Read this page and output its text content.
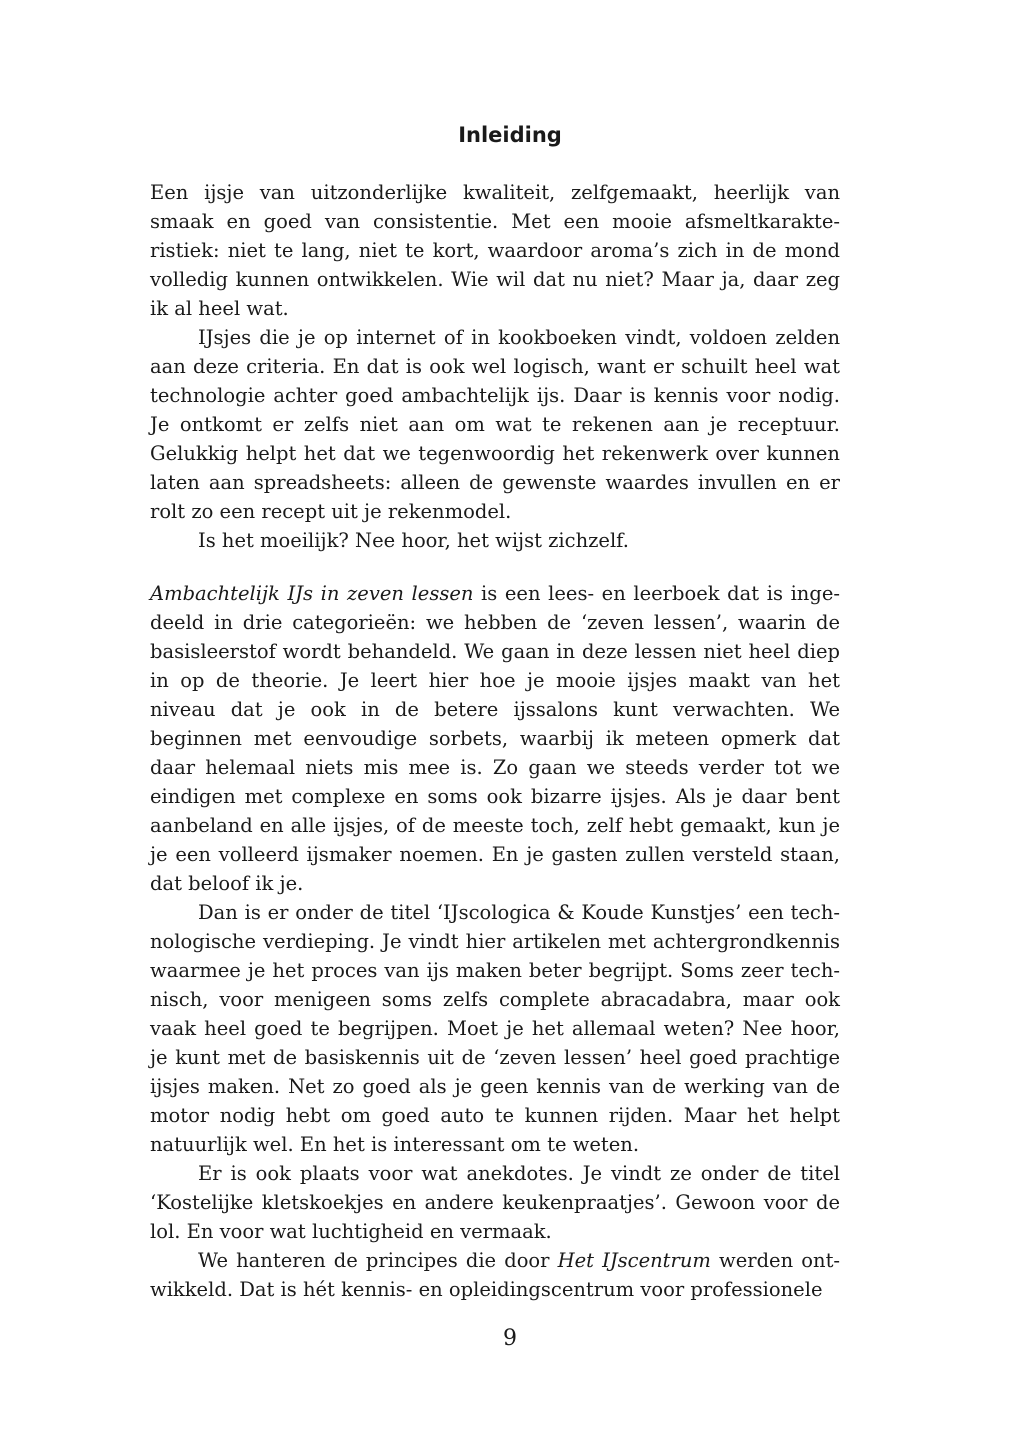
Inleiding

Een ijsje van uitzonderlijke kwaliteit, zelfgemaakt, heerlijk van smaak en goed van consistentie. Met een mooie afsmeltkarakteristiek: niet te lang, niet te kort, waardoor aroma’s zich in de mond volledig kunnen ontwikkelen. Wie wil dat nu niet? Maar ja, daar zeg ik al heel wat.

IJsjes die je op internet of in kookboeken vindt, voldoen zelden aan deze criteria. En dat is ook wel logisch, want er schuilt heel wat technologie achter goed ambachtelijk ijs. Daar is kennis voor nodig. Je ontkomt er zelfs niet aan om wat te rekenen aan je receptuur. Gelukkig helpt het dat we tegenwoordig het rekenwerk over kunnen laten aan spreadsheets: alleen de gewenste waardes invullen en er rolt zo een recept uit je rekenmodel.

Is het moeilijk? Nee hoor, het wijst zichzelf.

Ambachtelijk IJs in zeven lessen is een lees- en leerboek dat is ingedeeld in drie categorieën: we hebben de ‘zeven lessen’, waarin de basisleerstof wordt behandeld. We gaan in deze lessen niet heel diep in op de theorie. Je leert hier hoe je mooie ijsjes maakt van het niveau dat je ook in de betere ijssalons kunt verwachten. We beginnen met eenvoudige sorbets, waarbij ik meteen opmerk dat daar helemaal niets mis mee is. Zo gaan we steeds verder tot we eindigen met complexe en soms ook bizarre ijsjes. Als je daar bent aanbeland en alle ijsjes, of de meeste toch, zelf hebt gemaakt, kun je je een volleerd ijsmaker noemen. En je gasten zullen versteld staan, dat beloof ik je.

Dan is er onder de titel ‘IJscologica & Koude Kunstjes’ een technologische verdieping. Je vindt hier artikelen met achtergrondkennis waarmee je het proces van ijs maken beter begrijpt. Soms zeer technisch, voor menigeen soms zelfs complete abracadabra, maar ook vaak heel goed te begrijpen. Moet je het allemaal weten? Nee hoor, je kunt met de basiskennis uit de ‘zeven lessen’ heel goed prachtige ijsjes maken. Net zo goed als je geen kennis van de werking van de motor nodig hebt om goed auto te kunnen rijden. Maar het helpt natuurlijk wel. En het is interessant om te weten.

Er is ook plaats voor wat anekdotes. Je vindt ze onder de titel ‘Kostelijke kletskoekjes en andere keukenpraatjes’. Gewoon voor de lol. En voor wat luchtigheid en vermaak.

We hanteren de principes die door Het IJscentrum werden ontwikkeld. Dat is hét kennis- en opleidingscentrum voor professionele

9
